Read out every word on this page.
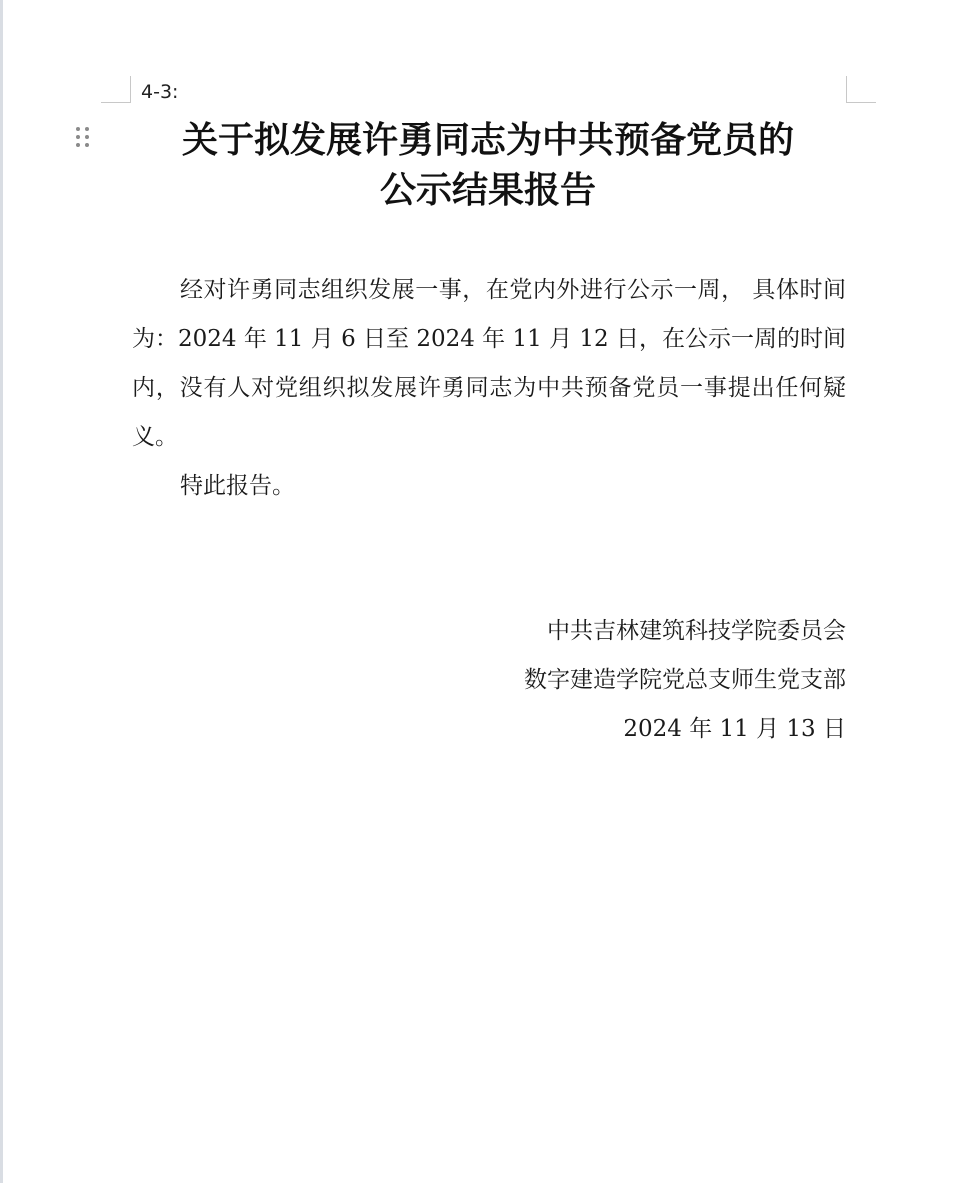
4-3:
关于拟发展许勇同志为中共预备党员的
公示结果报告

经对许勇同志组织发展一事，在党内外进行公示一周， 具体时间为：2024 年 11 月 6 日至 2024 年 11 月 12 日，在公示一周的时间内，没有人对党组织拟发展许勇同志为中共预备党员一事提出任何疑义。

特此报告。

中共吉林建筑科技学院委员会
数字建造学院党总支师生党支部
2024 年 11 月 13 日
